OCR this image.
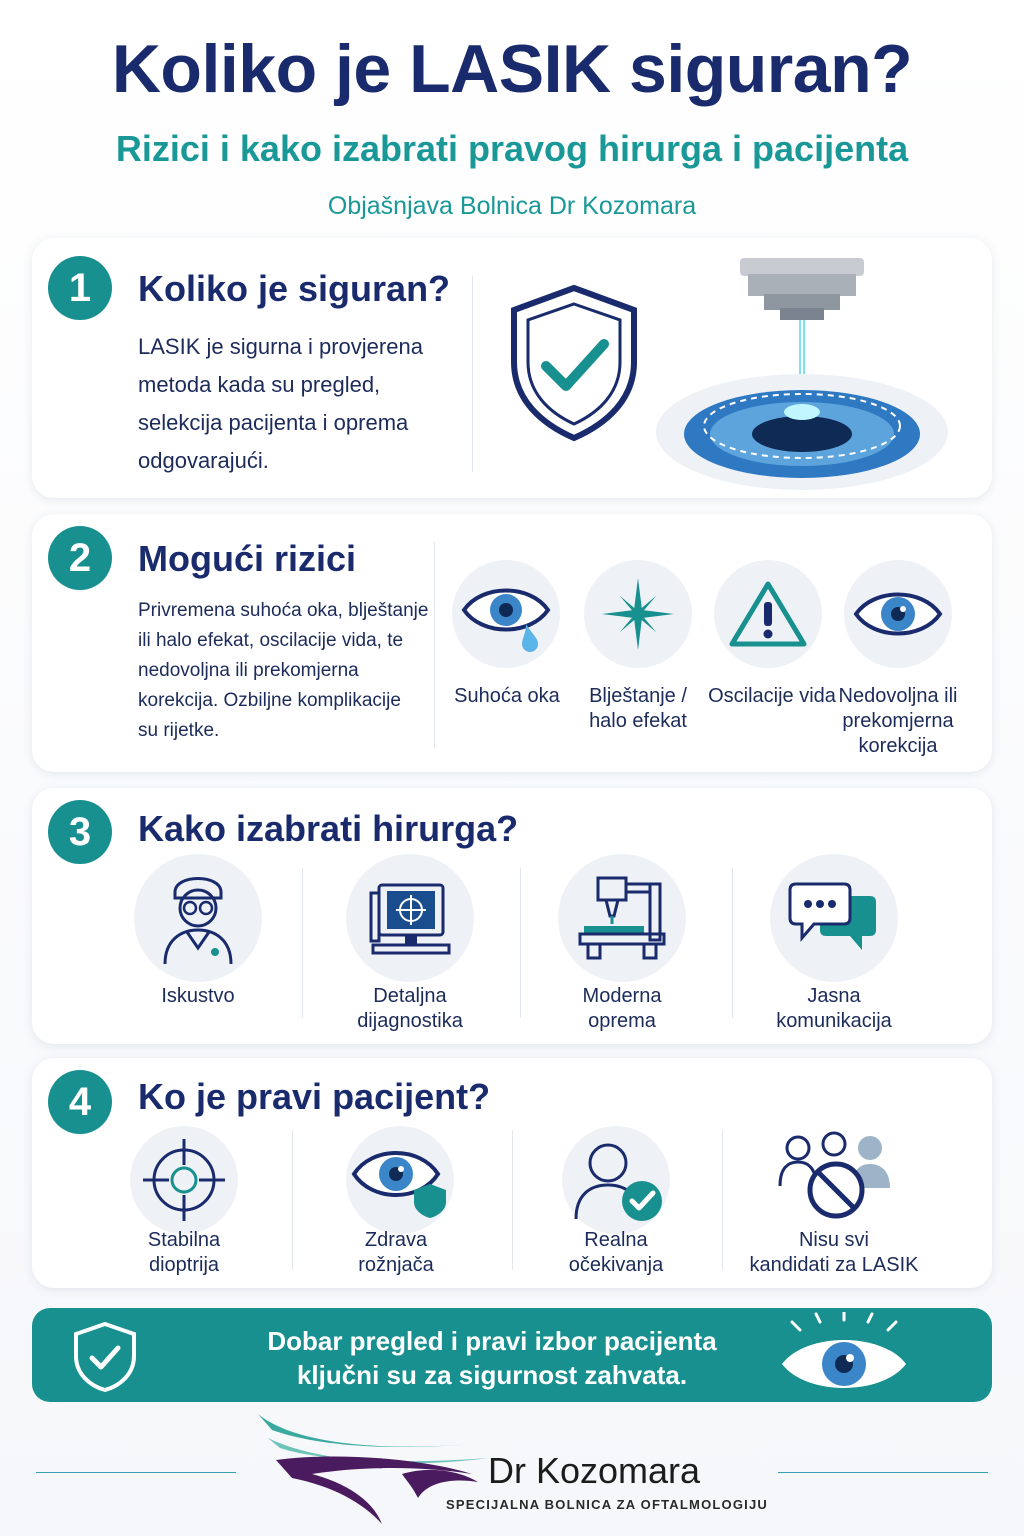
Koliko je LASIK siguran?
Rizici i kako izabrati pravog hirurga i pacijenta
Objašnjava Bolnica Dr Kozomara
1	Koliko je siguran?
LASIK je sigurna i provjerena
metoda kada su pregled,
selekcija pacijenta i oprema
odgovarajući.
2	Mogući rizici
Privremena suhoća oka, blještanje
ili halo efekat, oscilacije vida, te
nedovoljna ili prekomjerna
korekcija. Ozbiljne komplikacije
su rijetke.
Suhoća oka	Blještanje /
halo efekat
Oscilacije vida Nedovoljna ili
prekomjerna
korekcija
3	Kako izabrati hirurga?
Iskustvo	Detaljna
dijagnostika
Moderna
oprema
Jasna
komunikacija
4	Ko je pravi pacijent?
Stabilna
dioptrija
Zdrava
rožnjača
Realna
očekivanja
Nisu svi
kandidati za LASIK
Dobar pregled i pravi izbor pacijenta
ključni su za sigurnost zahvata.
Dr Kozomara
SPECIJALNA BOLNICA ZA OFTALMOLOGIJU
